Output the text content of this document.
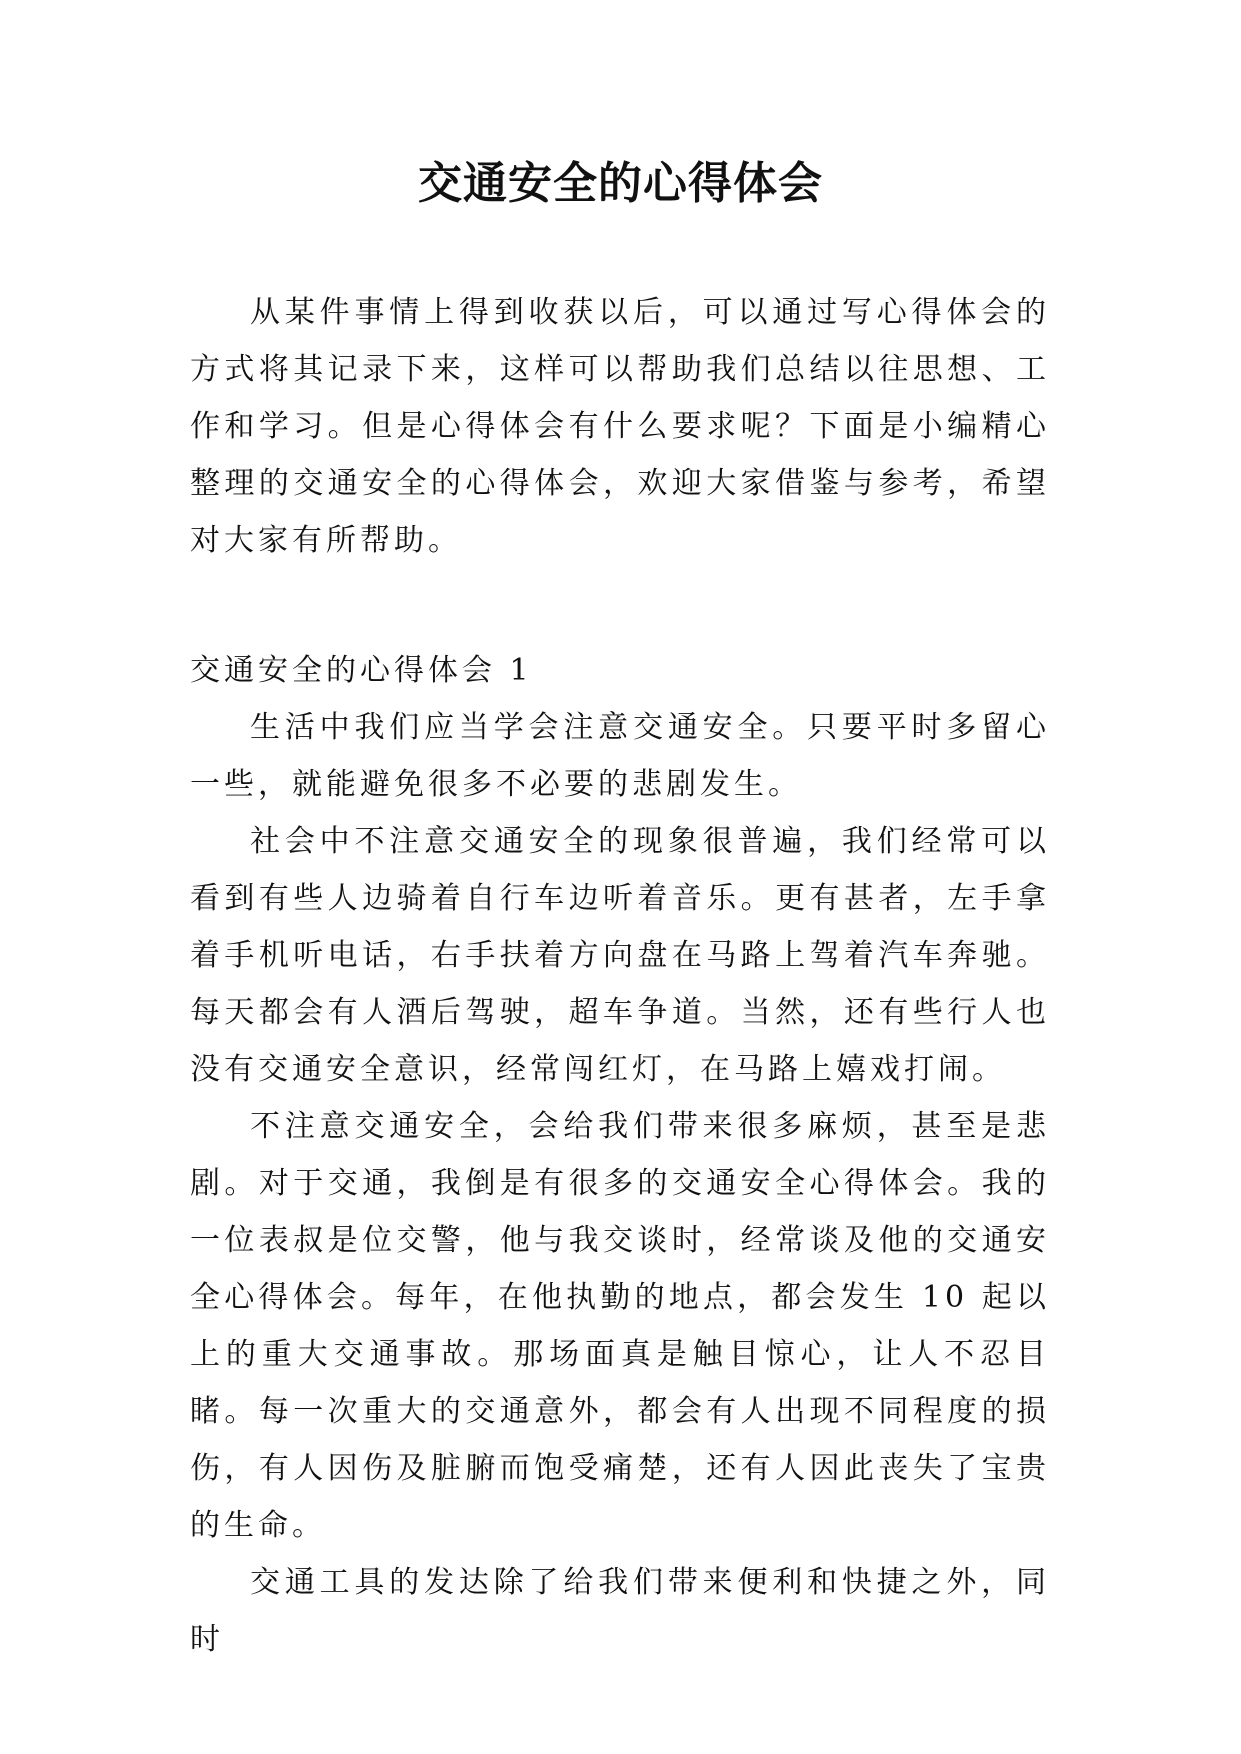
交通安全的心得体会

从某件事情上得到收获以后，可以通过写心得体会的方式将其记录下来，这样可以帮助我们总结以往思想、工作和学习。但是心得体会有什么要求呢？下面是小编精心整理的交通安全的心得体会，欢迎大家借鉴与参考，希望对大家有所帮助。

交通安全的心得体会 1

生活中我们应当学会注意交通安全。只要平时多留心一些，就能避免很多不必要的悲剧发生。

社会中不注意交通安全的现象很普遍，我们经常可以看到有些人边骑着自行车边听着音乐。更有甚者，左手拿着手机听电话，右手扶着方向盘在马路上驾着汽车奔驰。每天都会有人酒后驾驶，超车争道。当然，还有些行人也没有交通安全意识，经常闯红灯，在马路上嬉戏打闹。

不注意交通安全，会给我们带来很多麻烦，甚至是悲剧。对于交通，我倒是有很多的交通安全心得体会。我的一位表叔是位交警，他与我交谈时，经常谈及他的交通安全心得体会。每年，在他执勤的地点，都会发生 10 起以上的重大交通事故。那场面真是触目惊心，让人不忍目睹。每一次重大的交通意外，都会有人出现不同程度的损伤，有人因伤及脏腑而饱受痛楚，还有人因此丧失了宝贵的生命。

交通工具的发达除了给我们带来便利和快捷之外，同时
